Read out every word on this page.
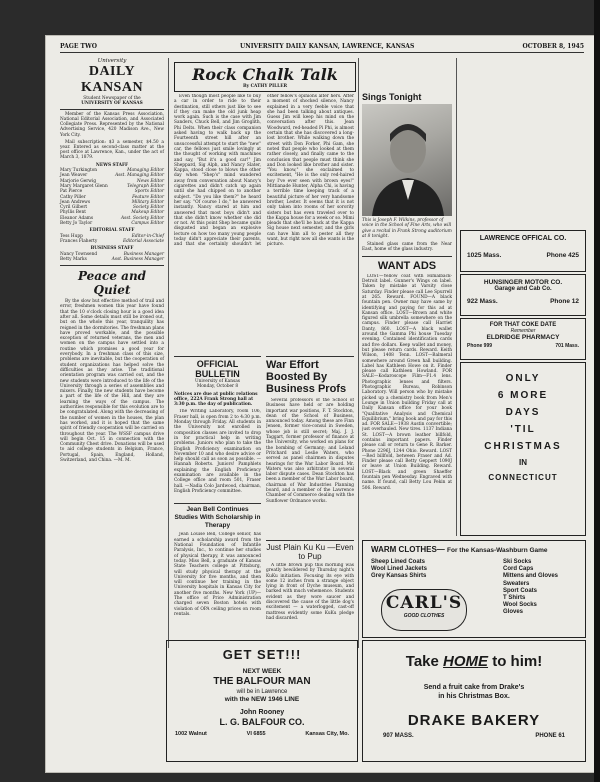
PAGE TWO	UNIVERSITY DAILY KANSAN, LAWRENCE, KANSAS	OCTOBER 8, 1945
University
DAILY KANSAN
Student Newspaper of the
UNIVERSITY OF KANSAS
Member of the Kansas Press Association, National Editorial Association, and Associated Collegiate Press. Represented by the National Advertising Service, 420 Madison Ave., New York City.
Mail subscription: $3 a semester, $4.50 a year. Entered as second-class matter at the post office at Lawrence, Kan., under the act of March 3, 1879.
NEWS STAFF
Mary Turkington	Managing Editor
Jean Weaver	Asst. Managing Editor
Marjorie Gerwig	News Editor
Mary Margaret Glenn	Telegraph Editor
Pat Pierce	Sports Editor
Cathy Piller	Feature Editor
Jean Andrews	Military Editor
Cyril Gilbert	Society Editor
Phyllis Bent	Makeup Editor
Eleanor Adams	Asst. Society Editor
Betty Jo Taylor	Campus Editor
EDITORIAL STAFF
Tess Hupp	Editor-in-Chief
Frances Flaherty	Editorial Associate
BUSINESS STAFF
Nancy Townsend	Business Manager
Betty Marks	Asst. Business Manager
Peace and Quiet
By the slow but effective method of trail and error, freshmen women this year have found that the 10 o'clock closing hour is a good idea after all. Some details must still be ironed out, but on the whole this year, tranquility has reigned in the dormitories. The freshman plans have proved workable, and the possible exception of returned veterans, the men and women on the campus have settled into a routine which promises a good year for everybody. In a freshman class of this size, problems are inevitable, but the cooperation of student organizations has helped solve the difficulties as they arise. The traditional orientation program was carried out, and the new students were introduced to the life of the University through a series of assemblies and mixers. Finally, the new students have become a part of the life of the Hill, and they are learning the ways of the campus. The authorities responsible for this evolution are to be congratulated. Along with the decreasing of the number of women in the houses, the plan has worked, and it is hoped that the same spirit of friendly cooperation will be carried on throughout the year. The WSSF campus drive will begin Oct. 15 in connection with the Community Chest drive. Donations will be used to aid college students in Belgium, France, Portugal, Spain, England, Holland, Switzerland, and China. —M. M.
Rock Chalk Talk
By CATHY PILLER

Even though most people like to buy a car in order to ride to their destination, still others just like to see if they can make the old junk heap work again. Such is the case with Jim Sanders, Chuck Bell, and Jim Groglith, Phi Delts. When their class companion asked having to walk back up the Fourteenth street hill after an unsuccessful attempt to start the "new" car, the fellows just smile lovingly at the thought of working with machines and say, "But it's a good car!" Jim Sheppard, Sig Alph, and Nancy Slater, Kappa, stood close to blows the other day when "Shep's" mind wandered away from conversation about Nancy's cigarettes and didn't catch up again until she had chipped on to another subject. "Do you like them?" he heard her say. "Of course I do," he answered instantly. Nancy stared at him and answered that most boys didn't and that she didn't know whether she did or not. At this point Shep became quite disgusted and began an explosive lecture on how too many young people today didn't appreciate their parents, and that she certainly shouldn't let other fellow's opinions alter hers. After a moment of shocked silence, Nancy explained in a very feeble voice that she had been talking about antiques. Guess Jim will keep his mind on the conversation after this. Jean Woodward, red-headed Pi Phi, is almost certain that she has discovered a long-lost brother. While walking down the street with Don Forker, Phi Gam, she noted that people who looked at them rather closely, and finally came to the conclusion that people must think she and Don looked like brother and sister. "You know," she exclaimed to excitement, "He is the only red-haired boy I've ever seen with brown eyes!" Mittianade Hunter, Alpha Chi, is having a terrible time keeping track of a beautiful picture of her very handsome brother, Lester. It seems that it is not only taken into rooms of her sorority sisters but has even traveled over to the Kappa house for a week or so. Mimi pleads that she'll be back at the Kappa Sig house next semester, and the girls can have him all to pester all they want, but right now all she wants is the picture.

OFFICIAL BULLETIN
University of Kansas
Monday, October 8
Notices are due at public relations office, 222A Frank Strong hall at 3:30 p.m. the day of publication.
The Writing Laboratory, room 106, Fraser hall, is open from 2 to 4:30 p.m. Monday through Friday. All students in the University not enrolled in composition classes are invited to drop in for practical help in writing problems. Juniors who plan to take the English Proficiency examination on November 10 and who desire advice or help should call as soon as possible. —Hannah Roberts. Juniors! Pamphlets explaining the English Proficiency examination are available in the College office and room 501, Fraser hall. —Nadia Colo Jardwood, chairman, English Proficiency committee.
Jean Bell Continues Studies With Scholarship in Therapy
Jean Louise Bell, College senior, has earned a scholarship award from the National Foundation of Infantile Paralysis, Inc., to continue her studies of physical therapy, it was announced today. Miss Bell, a graduate of Kansas State Teachers college at Pittsburg, will study physical therapy at the University for five months, and then will continue her training in the University hospitals in Kansas City for another five months. New York (UP)—The office of Price Administration charged seven Boston hotels with violation of OPA ceiling prices on room rentals.
War Effort Boosted By Business Profs
Several professors of the School of Business have held or are holding important war positions, F. T. Stockton, dean of the School of Business, announced today. Among these are Finn Jensen, former vice-consul in Sweden, whose job is still secret; Maj. J. J. Taggart, former professor of finance at the University, who worked on plans for the bombing of Germany; and Leland Pritchard and Leslie Waters, who served as panel chairmen in disputes hearings for the War Labor Board. Mr. Waters was also arbitrator in several labor dispute cases. Dean Stockton has been a member of the War Labor board, chairman of War Industries Planning board, and a member of the Lawrence Chamber of Commerce dealing with the Sunflower Ordnance works.
Just Plain Ku Ku —Even to Pup
A little brown pup this morning was greatly bewildered by Thursday night's KuKu initiation. Focusing its eye with some 12 inches from a strange object lying in front of Dyche museum, and barked with much vehemence. Students evident as they wore saucer and discovered the cause of the little dog's excitement — a waterlogged, cast-off mattress evidently some KuKu pledge had discarded.
Sings Tonight
This is Joseph F. Wilkins, professor of voice in the School of Fine Arts, who will give a recital in Frank Strong auditorium at 8 tonight.
Stained glass came from the Near East, home of the glass industry.
WANT ADS
LOST—Yellow coat with Himalback-Detroit label. Gunner's Wings on label. Taken by mistake at Varsity close Saturday. Finder please call Lee Spurrell at 265. Reward. FOUND—A black fountain pen. Owner may have same by identifying and paying for this ad at Kansan office. LOST—Brown and white figured silk umbrella somewhere on the campus. Finder please call Harriet Danty, 860. LOST—A black wallet around the Gamma Phi house Tuesday evening. Contained identification cards and five dollars. Keep wallet and money, but please return cards. Reward. Keith Wilson, 1408 Tenn. LOST—Balmeral somewhere around Green hall building. Label has Kathleen Howe on it. Finder please call Kathleen Howland. FOR SALE—Kodaroscope Film—F1.4 lens. Photographic lenses and filters. Photographic Bureau, Robinson Laboratory. Will person who by mistake picked up a chemistry book from Men's Lounge in Union building Friday call at Daily Kansan office for your book "Qualitative Analysis and Chemical Equilibrium," bring book and pay for this ad. FOR SALE—1938 Austin convertible; just overhauled. New tires. 1137 Indiana St. LOST—A brown leather billfold, contains important papers. Finder please call or return to Gene R. Barker. Phone 2296J, 1244 Ohio. Reward. LOST—Red billfold, between Fraser and Ad. Finder please call Betty Geppert 1090J or leave at Union Building. Reward. LOST—Black and green Shaeffer fountain pen Wednesday. Engraved with name. If found, call Betty Lou Pekin at 506. Reward.
LAWRENCE OFFICAL CO.
1025 Mass.	Phone 425
HUNSINGER MOTOR CO.
Garage and Cab Co.
922 Mass.	Phone 12
FOR THAT COKE DATE
Remember
ELDRIDGE PHARMACY
Phone 999	701 Mass.
ONLY
6 MORE
DAYS
'TIL
CHRISTMAS
IN
CONNECTICUT
WARM CLOTHES— For the Kansas-Washburn Game
Sheep Lined Coats
Wool Lined Jackets
Grey Kansas Shirts
Ski Socks
Cord Caps
Mittens and Gloves
Sweaters
Sport Coats
T Shirts
Wool Socks
Gloves
CARL'S
GOOD CLOTHES
GET SET!!!
NEXT WEEK
THE BALFOUR MAN
will be in Lawrence
with the NEW 1946 LINE
John Rooney
L. G. BALFOUR CO.
1002 Walnut	VI 6855	Kansas City, Mo.
Take HOME to him!
Send a fruit cake from Drake's
in his Christmas Box.
DRAKE BAKERY
907 MASS.	PHONE 61
